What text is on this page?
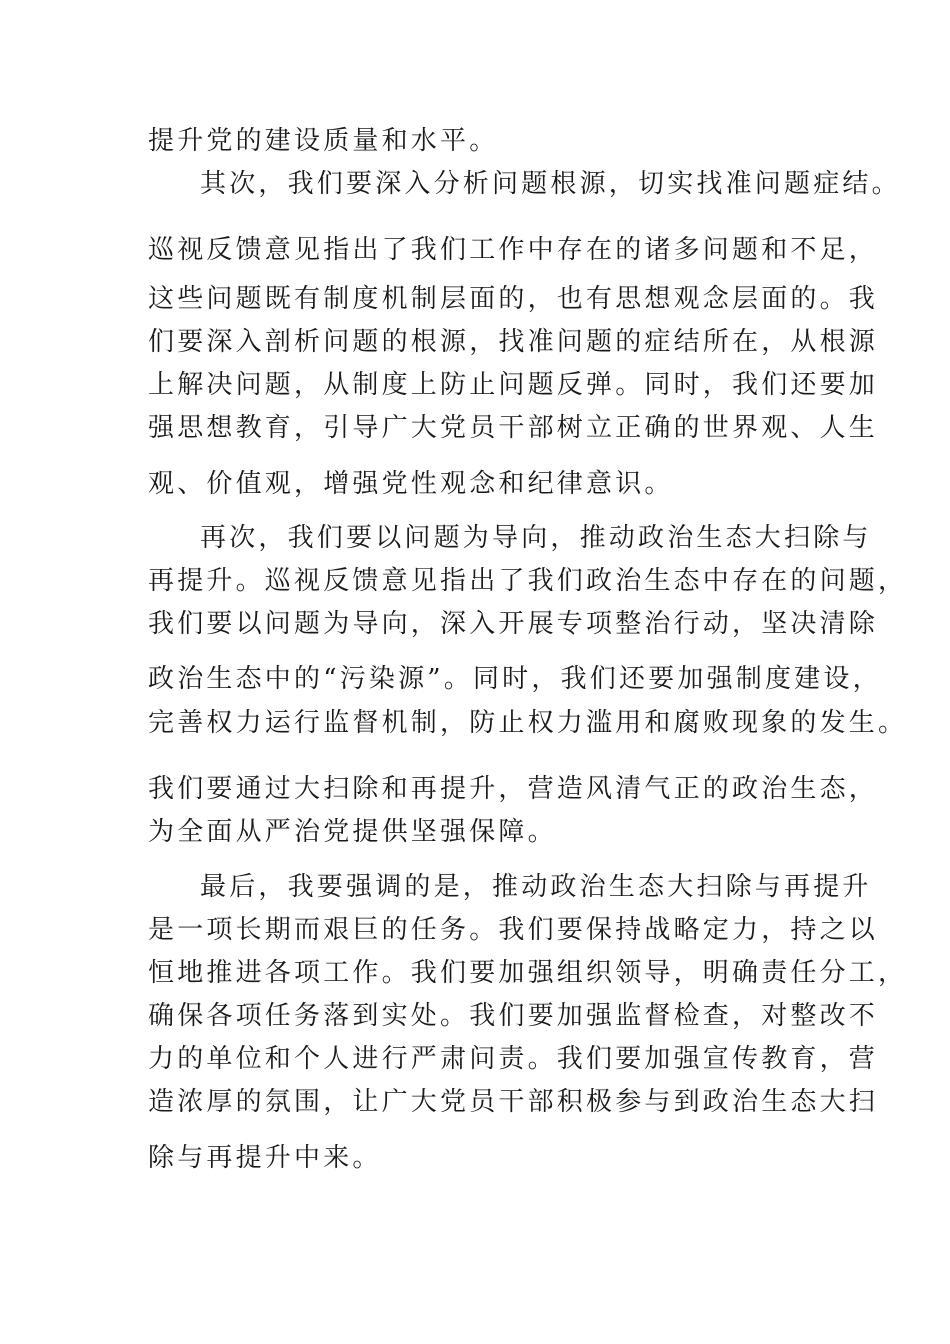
提升党的建设质量和水平。
其次，我们要深入分析问题根源，切实找准问题症结。
巡视反馈意见指出了我们工作中存在的诸多问题和不足，
这些问题既有制度机制层面的，也有思想观念层面的。我
们要深入剖析问题的根源，找准问题的症结所在，从根源
上解决问题，从制度上防止问题反弹。同时，我们还要加
强思想教育，引导广大党员干部树立正确的世界观、人生
观、价值观，增强党性观念和纪律意识。
再次，我们要以问题为导向，推动政治生态大扫除与
再提升。巡视反馈意见指出了我们政治生态中存在的问题，
我们要以问题为导向，深入开展专项整治行动，坚决清除
政治生态中的“污染源”。同时，我们还要加强制度建设，
完善权力运行监督机制，防止权力滥用和腐败现象的发生。
我们要通过大扫除和再提升，营造风清气正的政治生态，
为全面从严治党提供坚强保障。
最后，我要强调的是，推动政治生态大扫除与再提升
是一项长期而艰巨的任务。我们要保持战略定力，持之以
恒地推进各项工作。我们要加强组织领导，明确责任分工，
确保各项任务落到实处。我们要加强监督检查，对整改不
力的单位和个人进行严肃问责。我们要加强宣传教育，营
造浓厚的氛围，让广大党员干部积极参与到政治生态大扫
除与再提升中来。
